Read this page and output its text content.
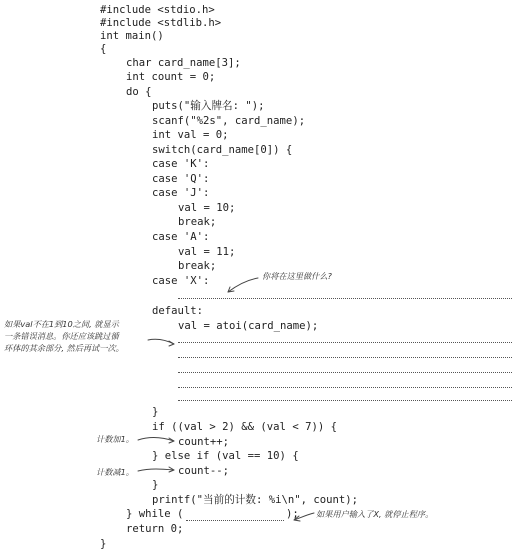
#include <stdio.h>
#include <stdlib.h>
int main()
{
char card_name[3];
int count = 0;
do {
puts("输入牌名: ");
scanf("%2s", card_name);
int val = 0;
switch(card_name[0]) {
case 'K':
case 'Q':
case 'J':
val = 10;
break;
case 'A':
val = 11;
break;
case 'X':
default:
val = atoi(card_name);
}
if ((val > 2) && (val < 7)) {
count++;
} else if (val == 10) {
count--;
}
printf("当前的计数: %i\n", count);
} while (	);
return 0;
}
你将在这里做什么?
如果val不在1到10之间, 就显示
一条错误消息。你还应该跳过循
环体的其余部分, 然后再试一次。
计数加1。
计数减1。
如果用户输入了X, 就停止程序。
